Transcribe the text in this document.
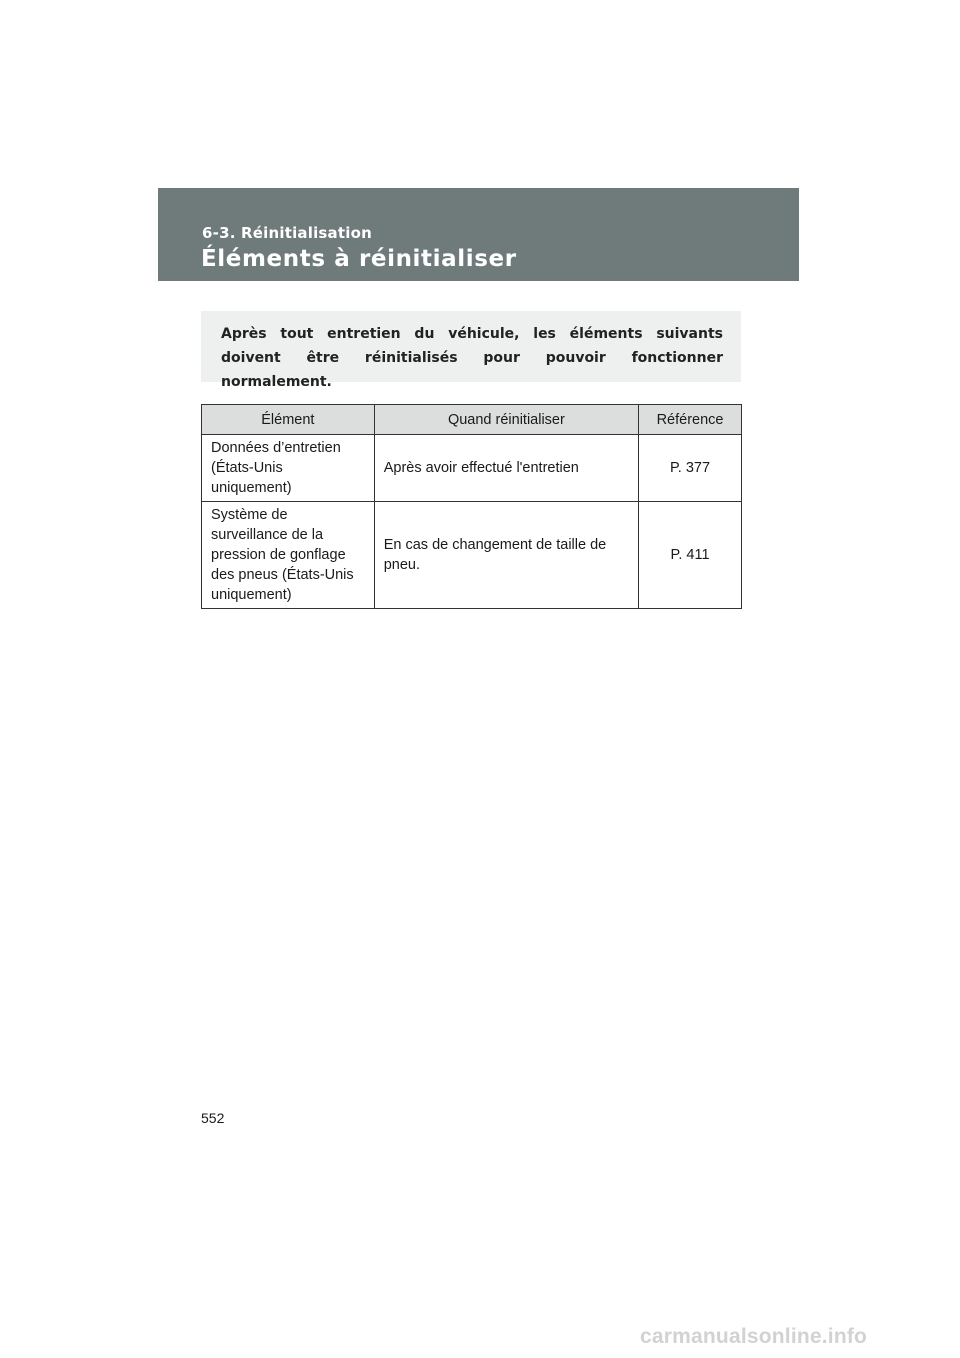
6-3. Réinitialisation
Éléments à réinitialiser

Après tout entretien du véhicule, les éléments suivants doivent être réinitialisés pour pouvoir fonctionner normalement.

Élément	Quand réinitialiser	Référence
Données d’entretien (États-Unis uniquement)	Après avoir effectué l'entretien	P. 377
Système de surveillance de la pression de gonflage des pneus (États-Unis uniquement)	En cas de changement de taille de pneu.	P. 411
552
carmanualsonline.info
